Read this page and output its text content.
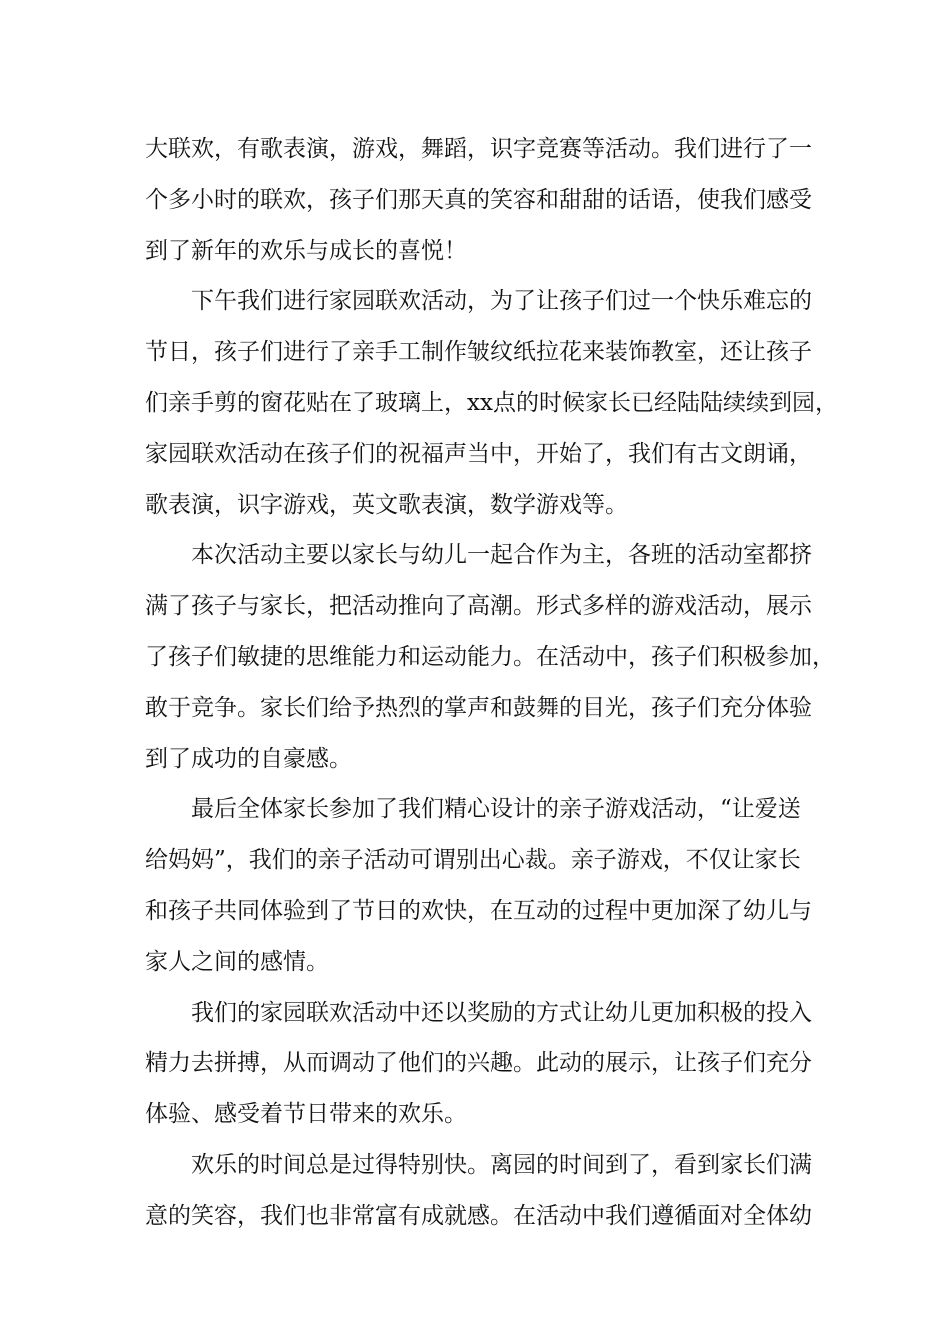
大联欢，有歌表演，游戏，舞蹈，识字竞赛等活动。我们进行了一
个多小时的联欢，孩子们那天真的笑容和甜甜的话语，使我们感受
到了新年的欢乐与成长的喜悦！
下午我们进行家园联欢活动，为了让孩子们过一个快乐难忘的
节日，孩子们进行了亲手工制作皱纹纸拉花来装饰教室，还让孩子
们亲手剪的窗花贴在了玻璃上，xx点的时候家长已经陆陆续续到园，
家园联欢活动在孩子们的祝福声当中，开始了，我们有古文朗诵，
歌表演，识字游戏，英文歌表演，数学游戏等。
本次活动主要以家长与幼儿一起合作为主，各班的活动室都挤
满了孩子与家长，把活动推向了高潮。形式多样的游戏活动，展示
了孩子们敏捷的思维能力和运动能力。在活动中，孩子们积极参加，
敢于竞争。家长们给予热烈的掌声和鼓舞的目光，孩子们充分体验
到了成功的自豪感。
最后全体家长参加了我们精心设计的亲子游戏活动，“让爱送
给妈妈”，我们的亲子活动可谓别出心裁。亲子游戏，不仅让家长
和孩子共同体验到了节日的欢快，在互动的过程中更加深了幼儿与
家人之间的感情。
我们的家园联欢活动中还以奖励的方式让幼儿更加积极的投入
精力去拼搏，从而调动了他们的兴趣。此动的展示，让孩子们充分
体验、感受着节日带来的欢乐。
欢乐的时间总是过得特别快。离园的时间到了，看到家长们满
意的笑容，我们也非常富有成就感。在活动中我们遵循面对全体幼
